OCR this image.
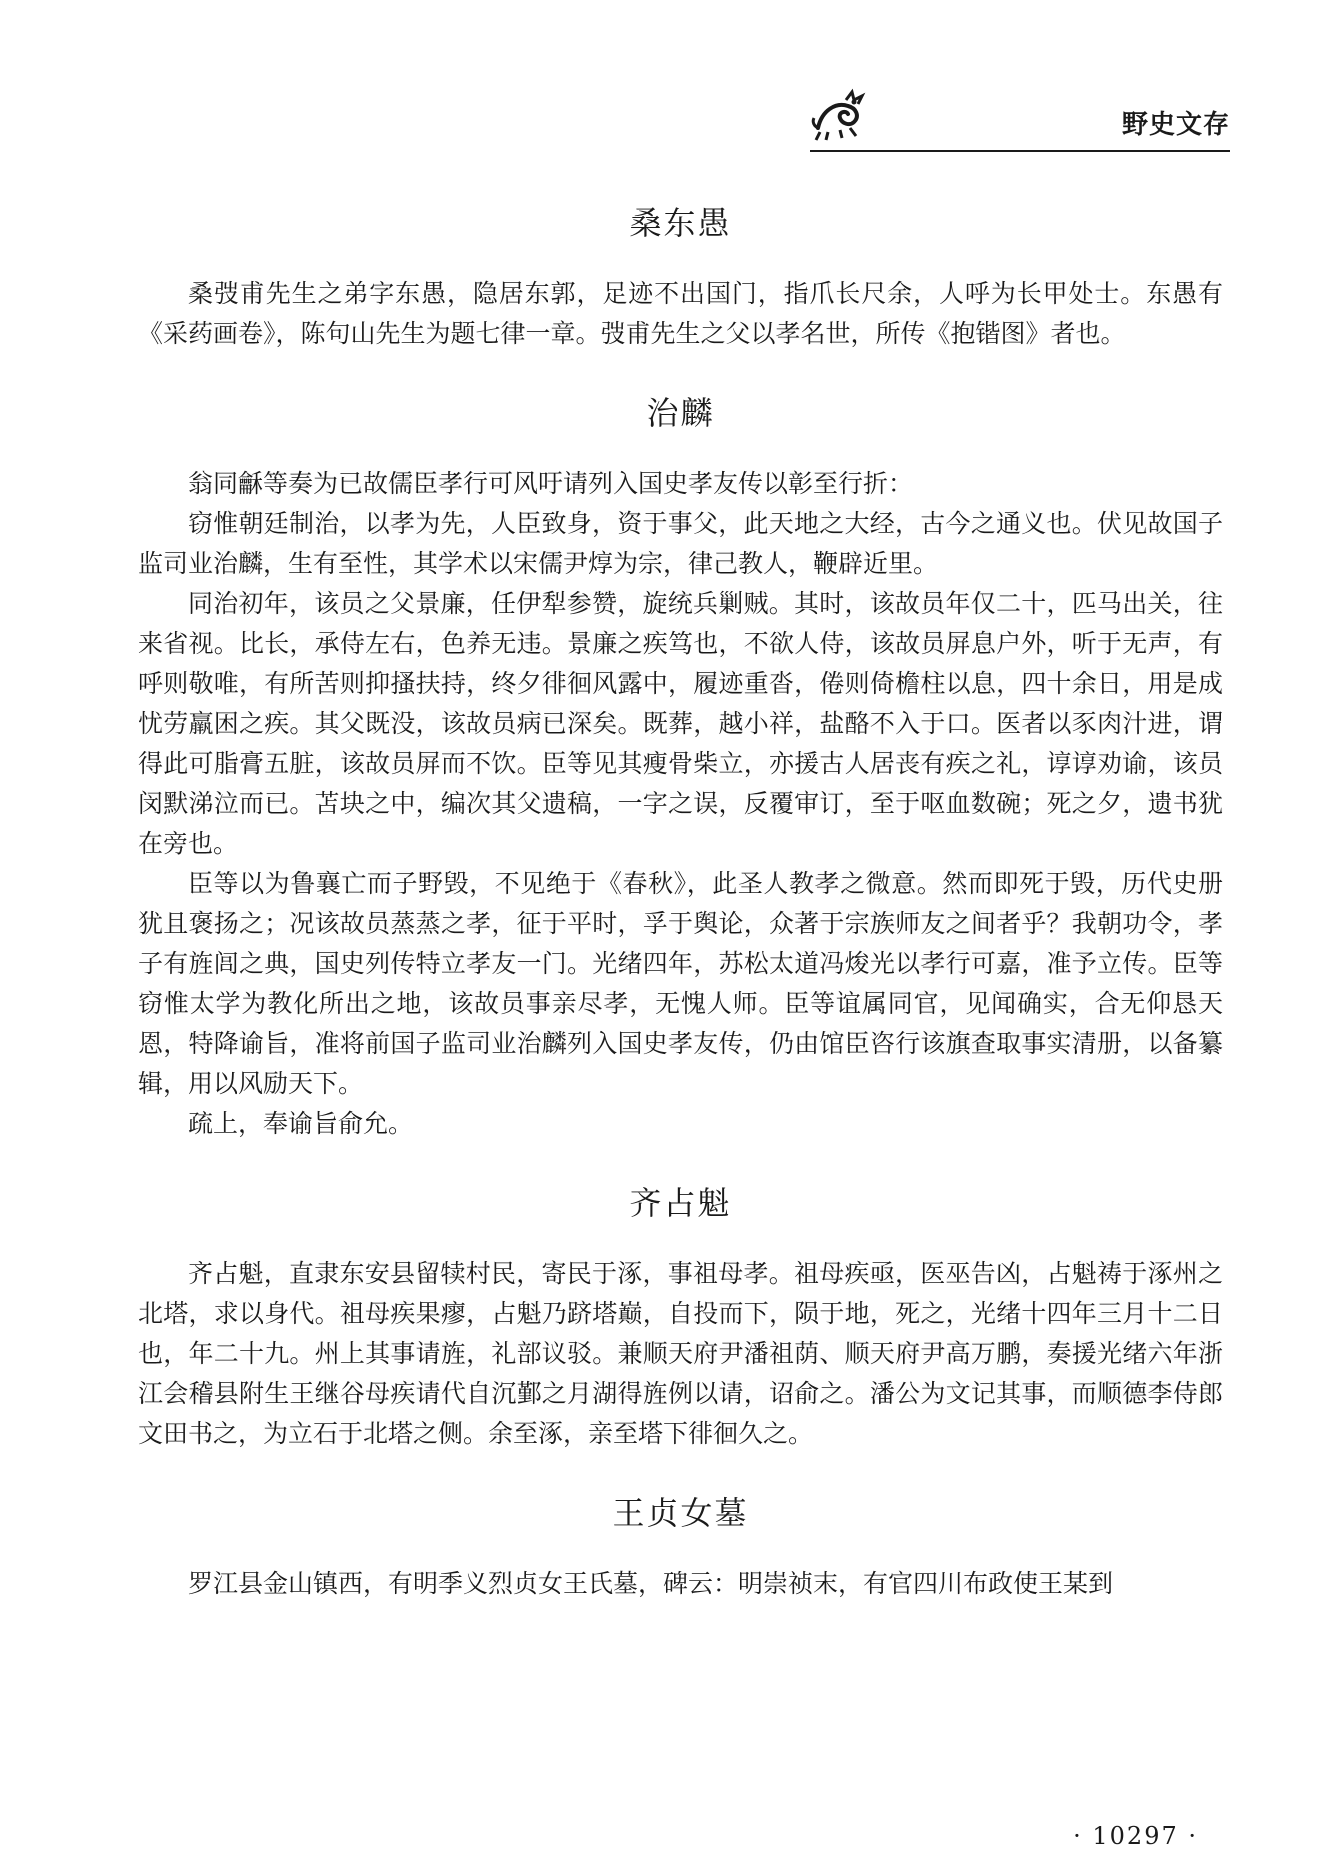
野史文存
桑东愚

桑弢甫先生之弟字东愚，隐居东郭，足迹不出国门，指爪长尺余，人呼为长甲处士。东愚有《采药画卷》，陈句山先生为题七律一章。弢甫先生之父以孝名世，所传《抱锴图》者也。

治麟

翁同龢等奏为已故儒臣孝行可风吁请列入国史孝友传以彰至行折：

窃惟朝廷制治，以孝为先，人臣致身，资于事父，此天地之大经，古今之通义也。伏见故国子监司业治麟，生有至性，其学术以宋儒尹焞为宗，律己教人，鞭辟近里。

同治初年，该员之父景廉，任伊犁参赞，旋统兵剿贼。其时，该故员年仅二十，匹马出关，往来省视。比长，承侍左右，色养无违。景廉之疾笃也，不欲人侍，该故员屏息户外，听于无声，有呼则敬唯，有所苦则抑搔扶持，终夕徘徊风露中，履迹重沓，倦则倚檐柱以息，四十余日，用是成忧劳羸困之疾。其父既没，该故员病已深矣。既葬，越小祥，盐酪不入于口。医者以豕肉汁进，谓得此可脂膏五脏，该故员屏而不饮。臣等见其瘦骨柴立，亦援古人居丧有疾之礼，谆谆劝谕，该员闵默涕泣而已。苫块之中，编次其父遗稿，一字之误，反覆审订，至于呕血数碗；死之夕，遗书犹在旁也。

臣等以为鲁襄亡而子野毁，不见绝于《春秋》，此圣人教孝之微意。然而即死于毁，历代史册犹且褒扬之；况该故员蒸蒸之孝，征于平时，孚于舆论，众著于宗族师友之间者乎？我朝功令，孝子有旌闾之典，国史列传特立孝友一门。光绪四年，苏松太道冯焌光以孝行可嘉，准予立传。臣等窃惟太学为教化所出之地，该故员事亲尽孝，无愧人师。臣等谊属同官，见闻确实，合无仰恳天恩，特降谕旨，准将前国子监司业治麟列入国史孝友传，仍由馆臣咨行该旗查取事实清册，以备纂辑，用以风励天下。

疏上，奉谕旨俞允。

齐占魁

齐占魁，直隶东安县留犊村民，寄民于涿，事祖母孝。祖母疾亟，医巫告凶，占魁祷于涿州之北塔，求以身代。祖母疾果瘳，占魁乃跻塔巅，自投而下，陨于地，死之，光绪十四年三月十二日也，年二十九。州上其事请旌，礼部议驳。兼顺天府尹潘祖荫、顺天府尹高万鹏，奏援光绪六年浙江会稽县附生王继谷母疾请代自沉鄞之月湖得旌例以请，诏俞之。潘公为文记其事，而顺德李侍郎文田书之，为立石于北塔之侧。余至涿，亲至塔下徘徊久之。

王贞女墓

罗江县金山镇西，有明季义烈贞女王氏墓，碑云：明崇祯末，有官四川布政使王某到

· 10297 ·
